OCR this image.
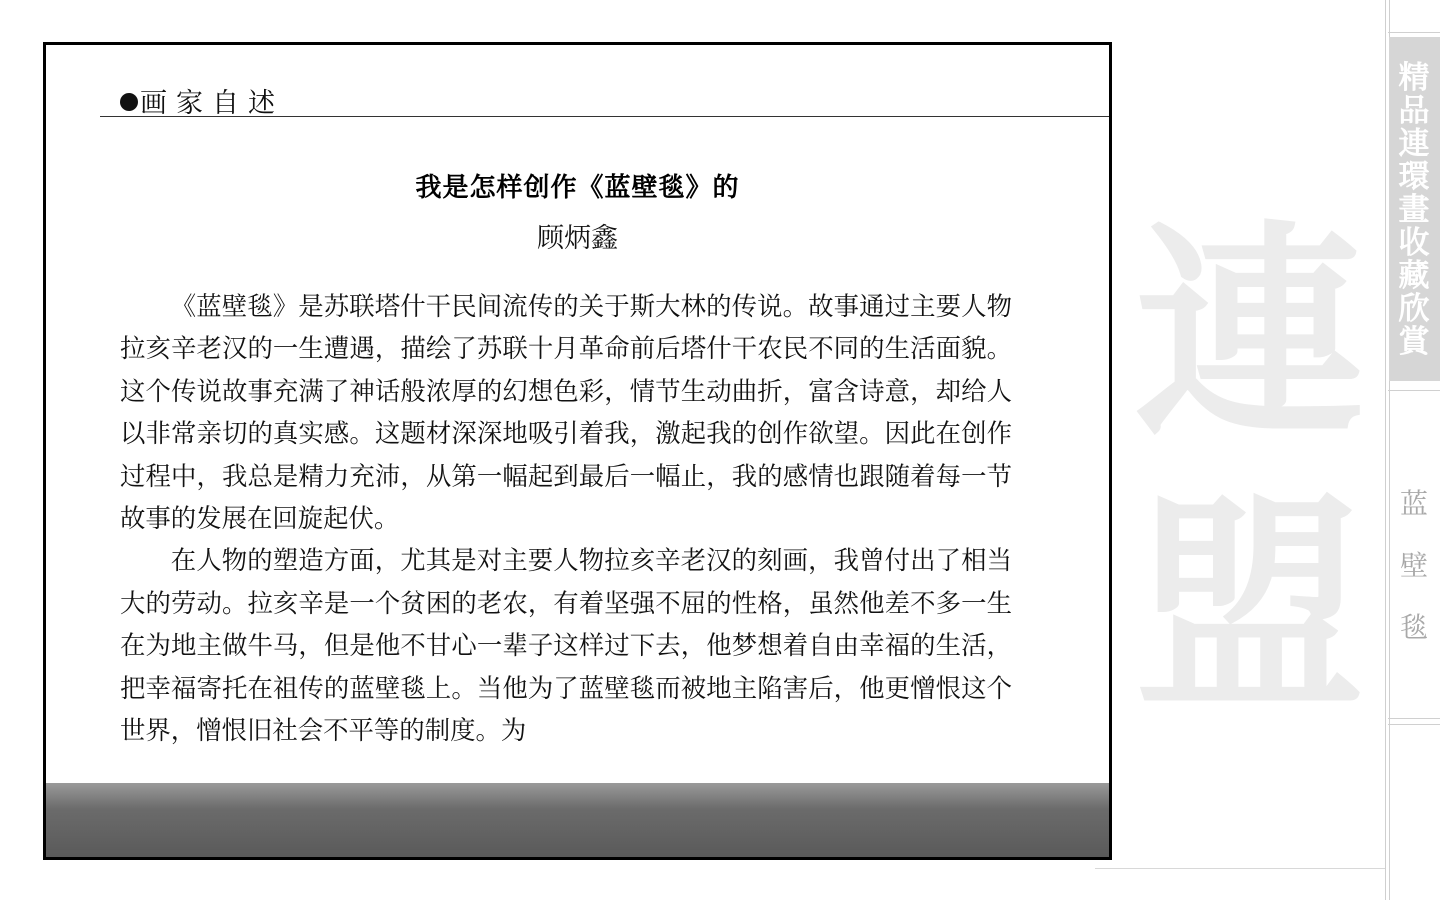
連盟
精品連環畫收藏欣賞
蓝壁毯
画家自述
我是怎样创作《蓝壁毯》的
顾炳鑫

《蓝壁毯》是苏联塔什干民间流传的关于斯大林的传说。故事通过主要人物拉亥辛老汉的一生遭遇，描绘了苏联十月革命前后塔什干农民不同的生活面貌。这个传说故事充满了神话般浓厚的幻想色彩，情节生动曲折，富含诗意，却给人以非常亲切的真实感。这题材深深地吸引着我，激起我的创作欲望。因此在创作过程中，我总是精力充沛，从第一幅起到最后一幅止，我的感情也跟随着每一节故事的发展在回旋起伏。

在人物的塑造方面，尤其是对主要人物拉亥辛老汉的刻画，我曾付出了相当大的劳动。拉亥辛是一个贫困的老农，有着坚强不屈的性格，虽然他差不多一生在为地主做牛马，但是他不甘心一辈子这样过下去，他梦想着自由幸福的生活，把幸福寄托在祖传的蓝壁毯上。当他为了蓝壁毯而被地主陷害后，他更憎恨这个世界，憎恨旧社会不平等的制度。为
